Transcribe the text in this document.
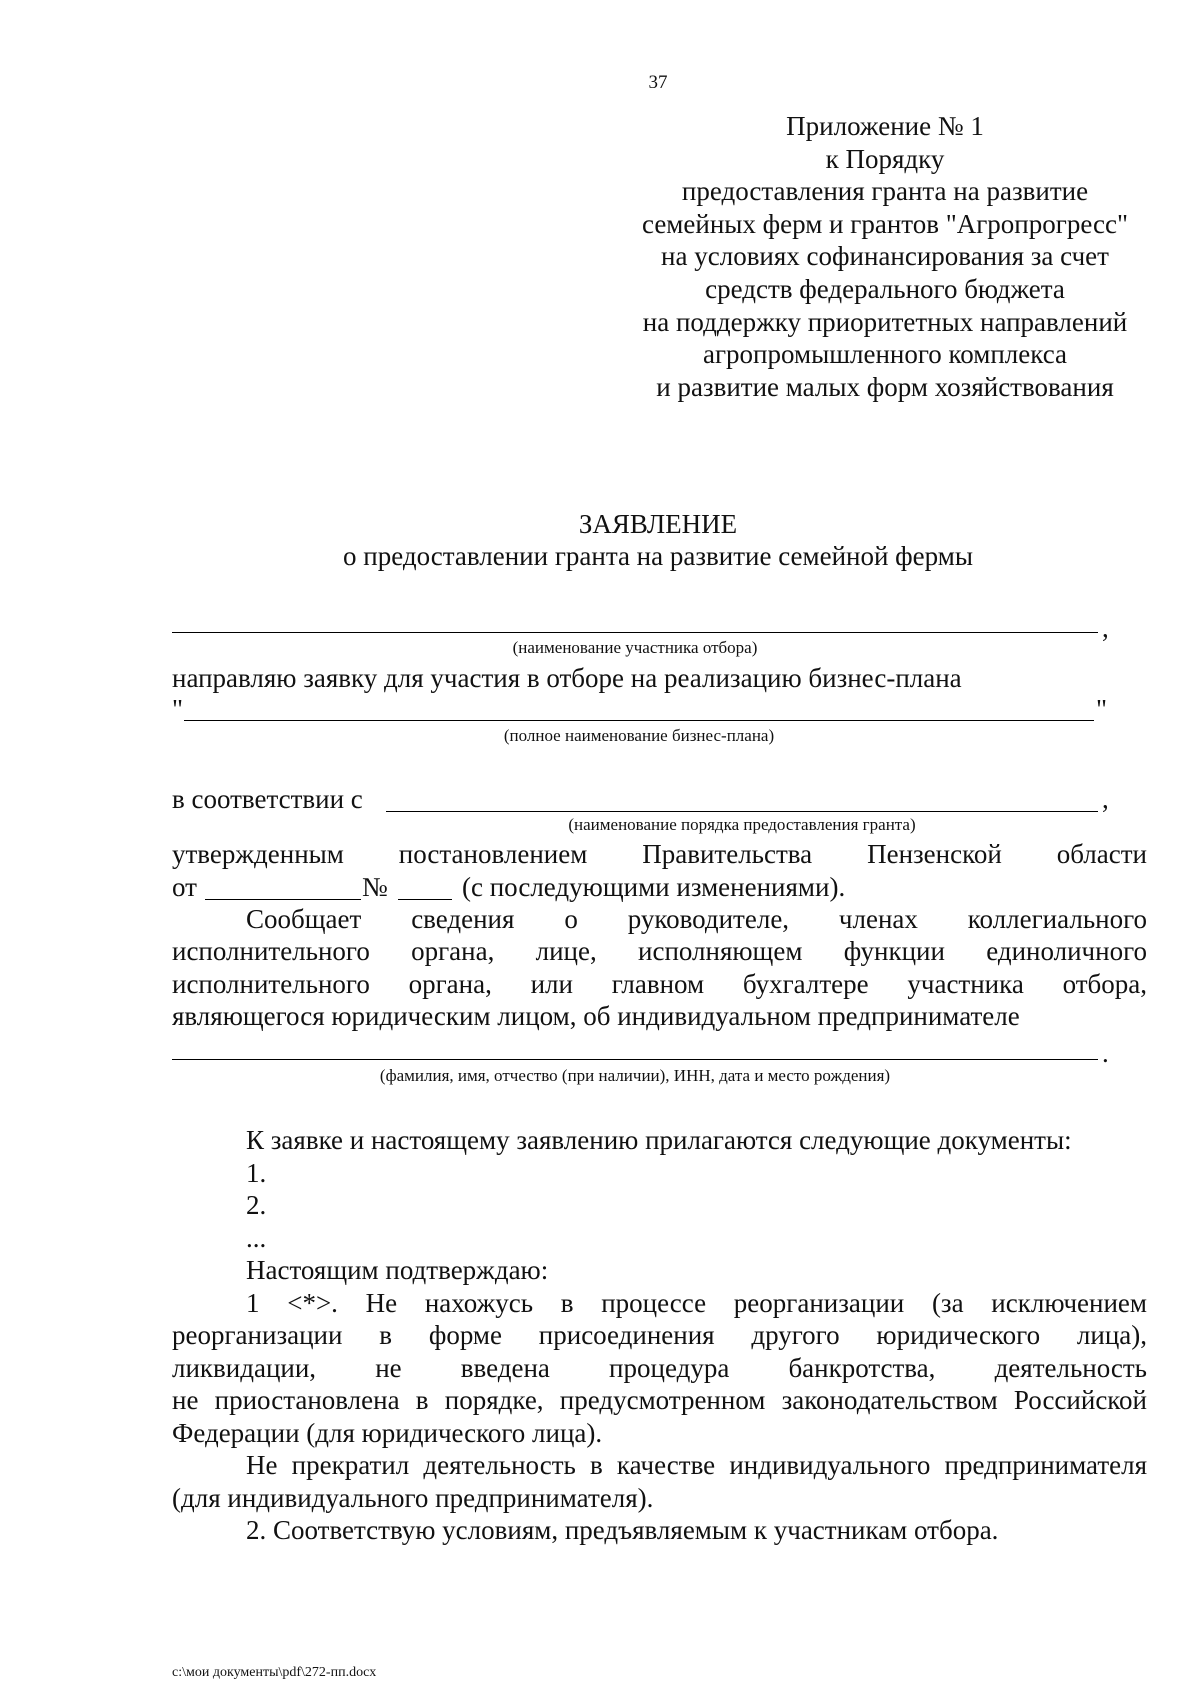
37
Приложение № 1
к Порядку
предоставления гранта на развитие
семейных ферм и грантов "Агропрогресс"
на условиях софинансирования за счет
средств федерального бюджета
на поддержку приоритетных направлений
агропромышленного комплекса
и развитие малых форм хозяйствования
ЗАЯВЛЕНИЕ
о предоставлении гранта на развитие семейной фермы
,
(наименование участника отбора)
направляю заявку для участия в отборе на реализацию бизнес-плана
"	"
(полное наименование бизнес-плана)
в соответствии с	,
(наименование порядка предоставления гранта)
утвержденным постановлением Правительства Пензенской области
от	№	(с последующими изменениями).
Сообщает сведения о руководителе, членах коллегиального
исполнительного органа, лице, исполняющем функции единоличного
исполнительного органа, или главном бухгалтере участника отбора,
являющегося юридическим лицом, об индивидуальном предпринимателе
.
(фамилия, имя, отчество (при наличии), ИНН, дата и место рождения)
К заявке и настоящему заявлению прилагаются следующие документы:
1.
2.
...
Настоящим подтверждаю:
1 <*>. Не нахожусь в процессе реорганизации (за исключением
реорганизации в форме присоединения другого юридического лица),
ликвидации, не введена процедура банкротства, деятельность
не приостановлена в порядке, предусмотренном законодательством Российской
Федерации (для юридического лица).
Не прекратил деятельность в качестве индивидуального предпринимателя
(для индивидуального предпринимателя).
2. Соответствую условиям, предъявляемым к участникам отбора.
c:\мои документы\pdf\272-пп.docx
